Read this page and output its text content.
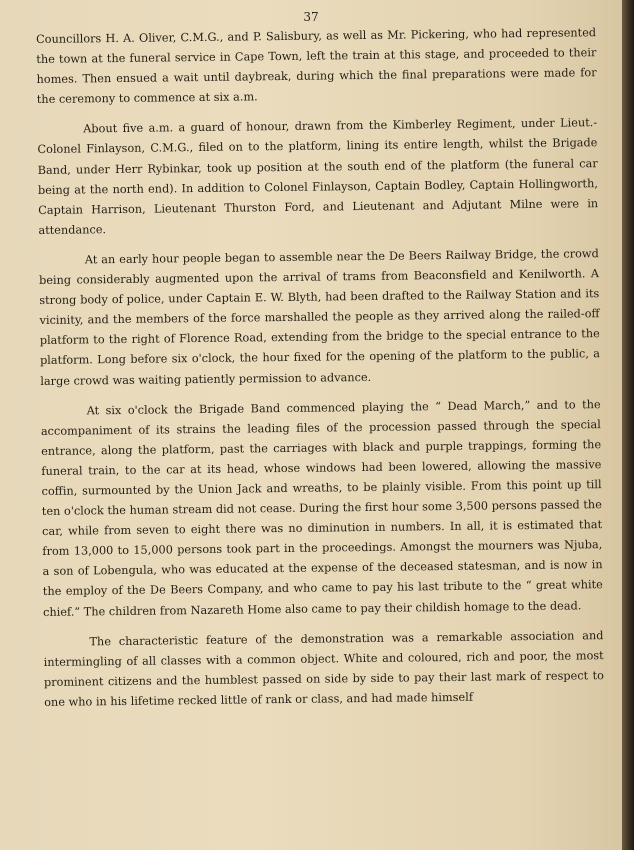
37

Councillors H. A. Oliver, C.M.G., and P. Salisbury, as well as Mr. Pickering, who had represented the town at the funeral service in Cape Town, left the train at this stage, and proceeded to their homes. Then ensued a wait until daybreak, during which the final preparations were made for the ceremony to commence at six a.m.

About five a.m. a guard of honour, drawn from the Kimberley Regiment, under Lieut.-Colonel Finlayson, C.M.G., filed on to the platform, lining its entire length, whilst the Brigade Band, under Herr Rybinkar, took up position at the south end of the platform (the funeral car being at the north end). In addition to Colonel Finlayson, Captain Bodley, Captain Hollingworth, Captain Harrison, Lieutenant Thurston Ford, and Lieutenant and Adjutant Milne were in attendance.

At an early hour people began to assemble near the De Beers Railway Bridge, the crowd being considerably augmented upon the arrival of trams from Beaconsfield and Kenilworth. A strong body of police, under Captain E. W. Blyth, had been drafted to the Railway Station and its vicinity, and the members of the force marshalled the people as they arrived along the railed-off platform to the right of Florence Road, extending from the bridge to the special entrance to the platform. Long before six o'clock, the hour fixed for the opening of the platform to the public, a large crowd was waiting patiently permission to advance.

At six o'clock the Brigade Band commenced playing the “ Dead March,” and to the accompaniment of its strains the leading files of the procession passed through the special entrance, along the platform, past the carriages with black and purple trappings, forming the funeral train, to the car at its head, whose windows had been lowered, allowing the massive coffin, surmounted by the Union Jack and wreaths, to be plainly visible. From this point up till ten o'clock the human stream did not cease. During the first hour some 3,500 persons passed the car, while from seven to eight there was no diminution in numbers. In all, it is estimated that from 13,000 to 15,000 persons took part in the proceedings. Amongst the mourners was Njuba, a son of Lobengula, who was educated at the expense of the deceased statesman, and is now in the employ of the De Beers Company, and who came to pay his last tribute to the “ great white chief.” The children from Nazareth Home also came to pay their childish homage to the dead.

The characteristic feature of the demonstration was a remarkable association and intermingling of all classes with a common object. White and coloured, rich and poor, the most prominent citizens and the humblest passed on side by side to pay their last mark of respect to one who in his lifetime recked little of rank or class, and had made himself
